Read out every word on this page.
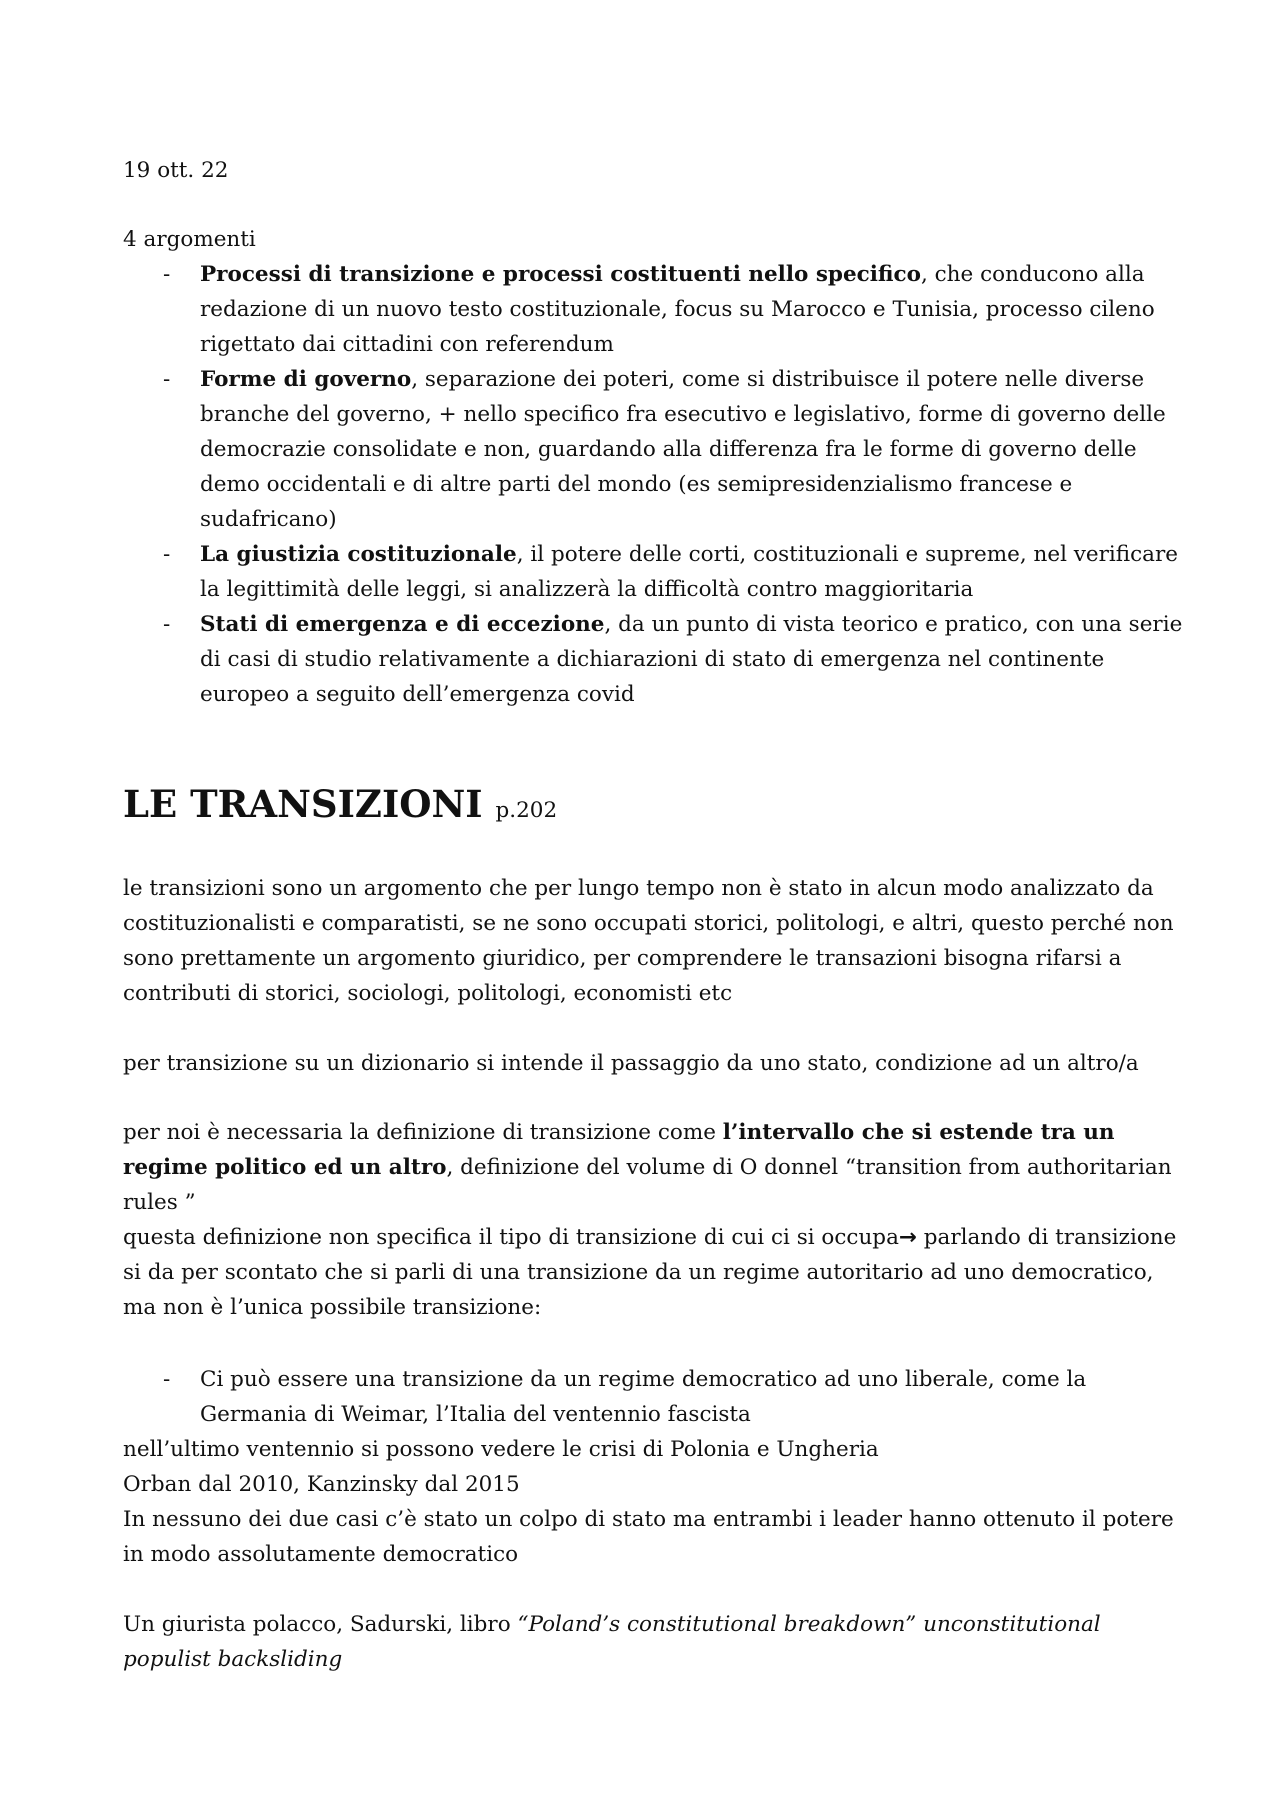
19 ott. 22
4 argomenti
- Processi di transizione e processi costituenti nello specifico, che conducono alla redazione di un nuovo testo costituzionale, focus su Marocco e Tunisia, processo cileno rigettato dai cittadini con referendum
- Forme di governo, separazione dei poteri, come si distribuisce il potere nelle diverse branche del governo, + nello specifico fra esecutivo e legislativo, forme di governo delle democrazie consolidate e non, guardando alla differenza fra le forme di governo delle demo occidentali e di altre parti del mondo (es semipresidenzialismo francese e sudafricano)
- La giustizia costituzionale, il potere delle corti, costituzionali e supreme, nel verificare la legittimità delle leggi, si analizzerà la difficoltà contro maggioritaria
- Stati di emergenza e di eccezione, da un punto di vista teorico e pratico, con una serie di casi di studio relativamente a dichiarazioni di stato di emergenza nel continente europeo a seguito dell’emergenza covid
LE TRANSIZIONI p.202
le transizioni sono un argomento che per lungo tempo non è stato in alcun modo analizzato da costituzionalisti e comparatisti, se ne sono occupati storici, politologi, e altri, questo perché non sono prettamente un argomento giuridico, per comprendere le transazioni bisogna rifarsi a contributi di storici, sociologi, politologi, economisti etc
per transizione su un dizionario si intende il passaggio da uno stato, condizione ad un altro/a
per noi è necessaria la definizione di transizione come l’intervallo che si estende tra un regime politico ed un altro, definizione del volume di O donnel “transition from authoritarian rules ”
questa definizione non specifica il tipo di transizione di cui ci si occupa→ parlando di transizione si da per scontato che si parli di una transizione da un regime autoritario ad uno democratico, ma non è l’unica possibile transizione:
- Ci può essere una transizione da un regime democratico ad uno liberale, come la Germania di Weimar, l’Italia del ventennio fascista
nell’ultimo ventennio si possono vedere le crisi di Polonia e Ungheria
Orban dal 2010, Kanzinsky dal 2015
In nessuno dei due casi c’è stato un colpo di stato ma entrambi i leader hanno ottenuto il potere in modo assolutamente democratico
Un giurista polacco, Sadurski, libro “Poland’s constitutional breakdown” unconstitutional populist backsliding
